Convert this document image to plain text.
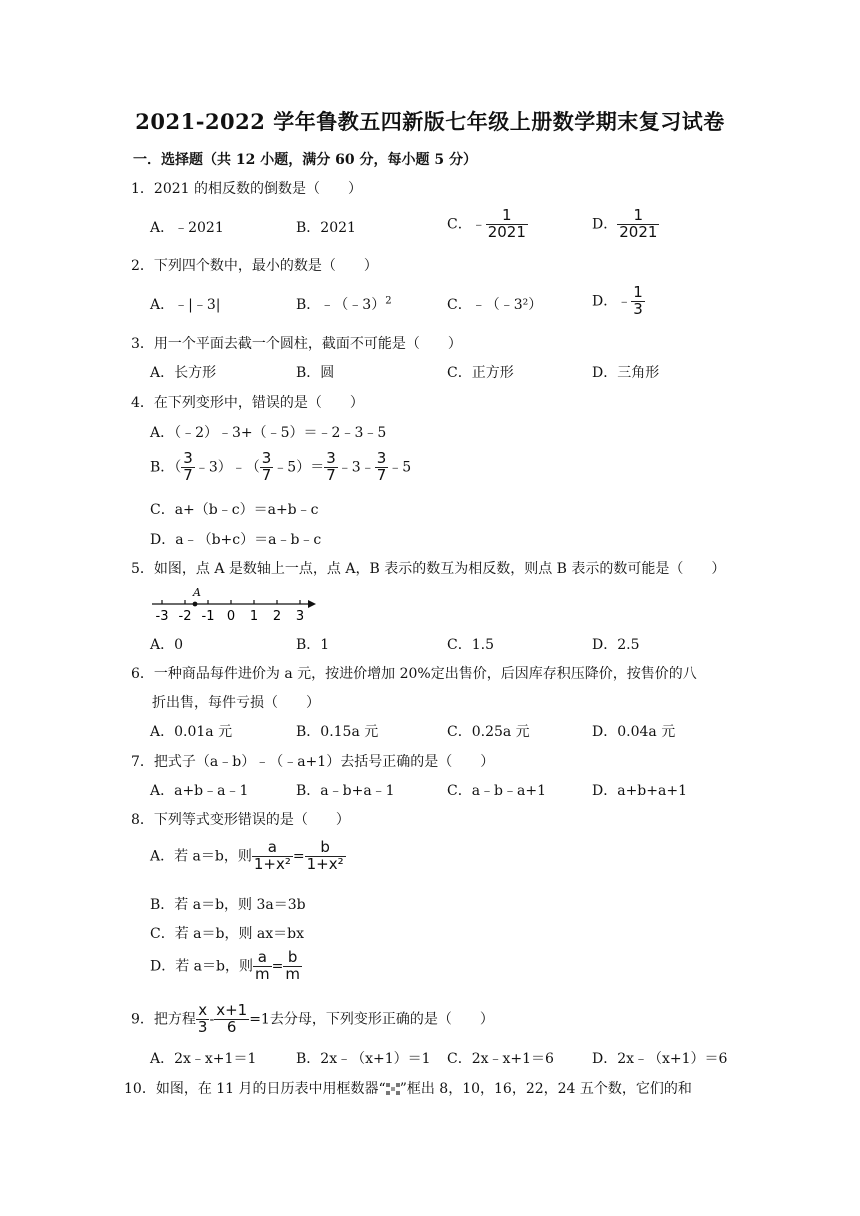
2021-2022 学年鲁教五四新版七年级上册数学期末复习试卷
一．选择题（共 12 小题，满分 60 分，每小题 5 分）
1．2021 的相反数的倒数是（　　）
A．﹣2021	B．2021	C．﹣ $\frac{1}{2021}$	D． $\frac{1}{2021}$
2．下列四个数中，最小的数是（　　）
A．﹣|﹣3|	B．﹣（﹣3）$^2$	C．﹣（﹣3²）	D．﹣ $\frac{1}{3}$
3．用一个平面去截一个圆柱，截面不可能是（　　）
A．长方形	B．圆	C．正方形	D．三角形
4．在下列变形中，错误的是（　　）
A．（﹣2）﹣3+（﹣5）＝﹣2﹣3﹣5
B．（ $\frac{3}{7}$ ﹣3）﹣（ $\frac{3}{7}$ ﹣5）＝ $\frac{3}{7}$ ﹣3﹣ $\frac{3}{7}$ ﹣5
C．a+（b﹣c）＝a+b﹣c
D．a﹣（b+c）＝a﹣b﹣c
5．如图，点 A 是数轴上一点，点 A，B 表示的数互为相反数，则点 B 表示的数可能是（　　）
-3 -2 -1 0 1 2 3
A
A．0	B．1	C．1.5	D．2.5
6．一种商品每件进价为 a 元，按进价增加 20%定出售价，后因库存积压降价，按售价的八
折出售，每件亏损（　　）
A．0.01a 元	B．0.15a 元	C．0.25a 元	D．0.04a 元
7．把式子（a﹣b）﹣（﹣a+1）去括号正确的是（　　）
A．a+b﹣a﹣1	B．a﹣b+a﹣1	C．a﹣b﹣a+1	D．a+b+a+1
8．下列等式变形错误的是（　　）
A．若 a＝b，则 $\frac{a}{\text{1+x²}} = \frac{b}{\text{1+x²}}$
B．若 a＝b，则 3a＝3b
C．若 a＝b，则 ax＝bx
D．若 a＝b，则 $\frac{a}{m} = \frac{b}{m}$
9．把方程 $\frac{x}{3} - \frac{x+1}{6} =1$去分母，下列变形正确的是（　　）
A．2x﹣x+1＝1	B．2x﹣（x+1）＝1 C．2x﹣x+1＝6	D．2x﹣（x+1）＝6
10．如图，在 11 月的日历表中用框数器“ ”框出 8，10，16，22，24 五个数，它们的和
